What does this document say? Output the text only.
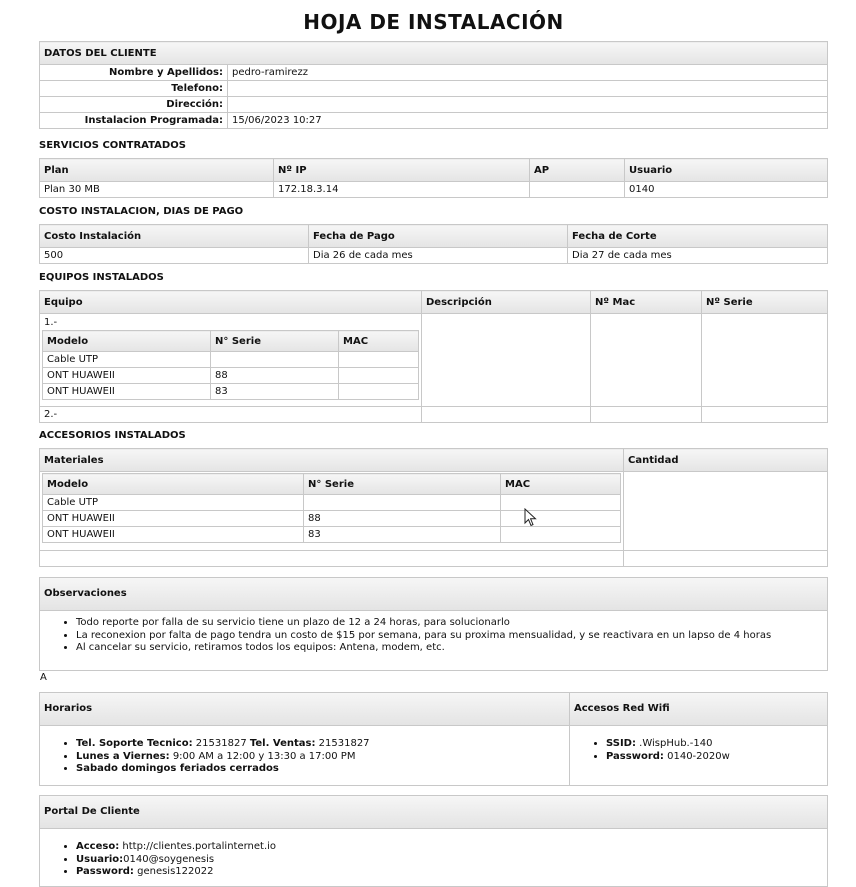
HOJA DE INSTALACIÓN
DATOS DEL CLIENTE	
Nombre y Apellidos:	pedro-ramirezz
Telefono:	
Dirección:	
Instalacion Programada:	15/06/2023 10:27
SERVICIOS CONTRATADOS
Plan	Nº IP	AP	Usuario
Plan 30 MB	172.18.3.14		0140
COSTO INSTALACION, DIAS DE PAGO
Costo Instalación	Fecha de Pago	Fecha de Corte
500	Dia 26 de cada mes	Dia 27 de cada mes
EQUIPOS INSTALADOS
Equipo	Descripción	Nº Mac	Nº Serie

1.-
Modelo	N° Serie	MAC
Cable UTP		
ONT HUAWEII	88	
ONT HUAWEII	83	

2.-			
ACCESORIOS INSTALADOS
Materiales	Cantidad

Modelo	N° Serie	MAC
Cable UTP		
ONT HUAWEII	88	
ONT HUAWEII	83	

Observaciones
• Todo reporte por falla de su servicio tiene un plazo de 12 a 24 horas, para solucionarlo
• La reconexion por falta de pago tendra un costo de $15 por semana, para su proxima mensualidad, y se reactivara en un lapso de 4 horas
• Al cancelar su servicio, retiramos todos los equipos: Antena, modem, etc.
A
Horarios
• Tel. Soporte Tecnico: 21531827 Tel. Ventas: 21531827
• Lunes a Viernes: 9:00 AM a 12:00 y 13:30 a 17:00 PM
• Sabado domingos feriados cerrados
Accesos Red Wifi
• SSID: .WispHub.-140
• Password: 0140-2020w
Portal De Cliente
• Acceso: http://clientes.portalinternet.io
• Usuario:0140@soygenesis
• Password: genesis122022
